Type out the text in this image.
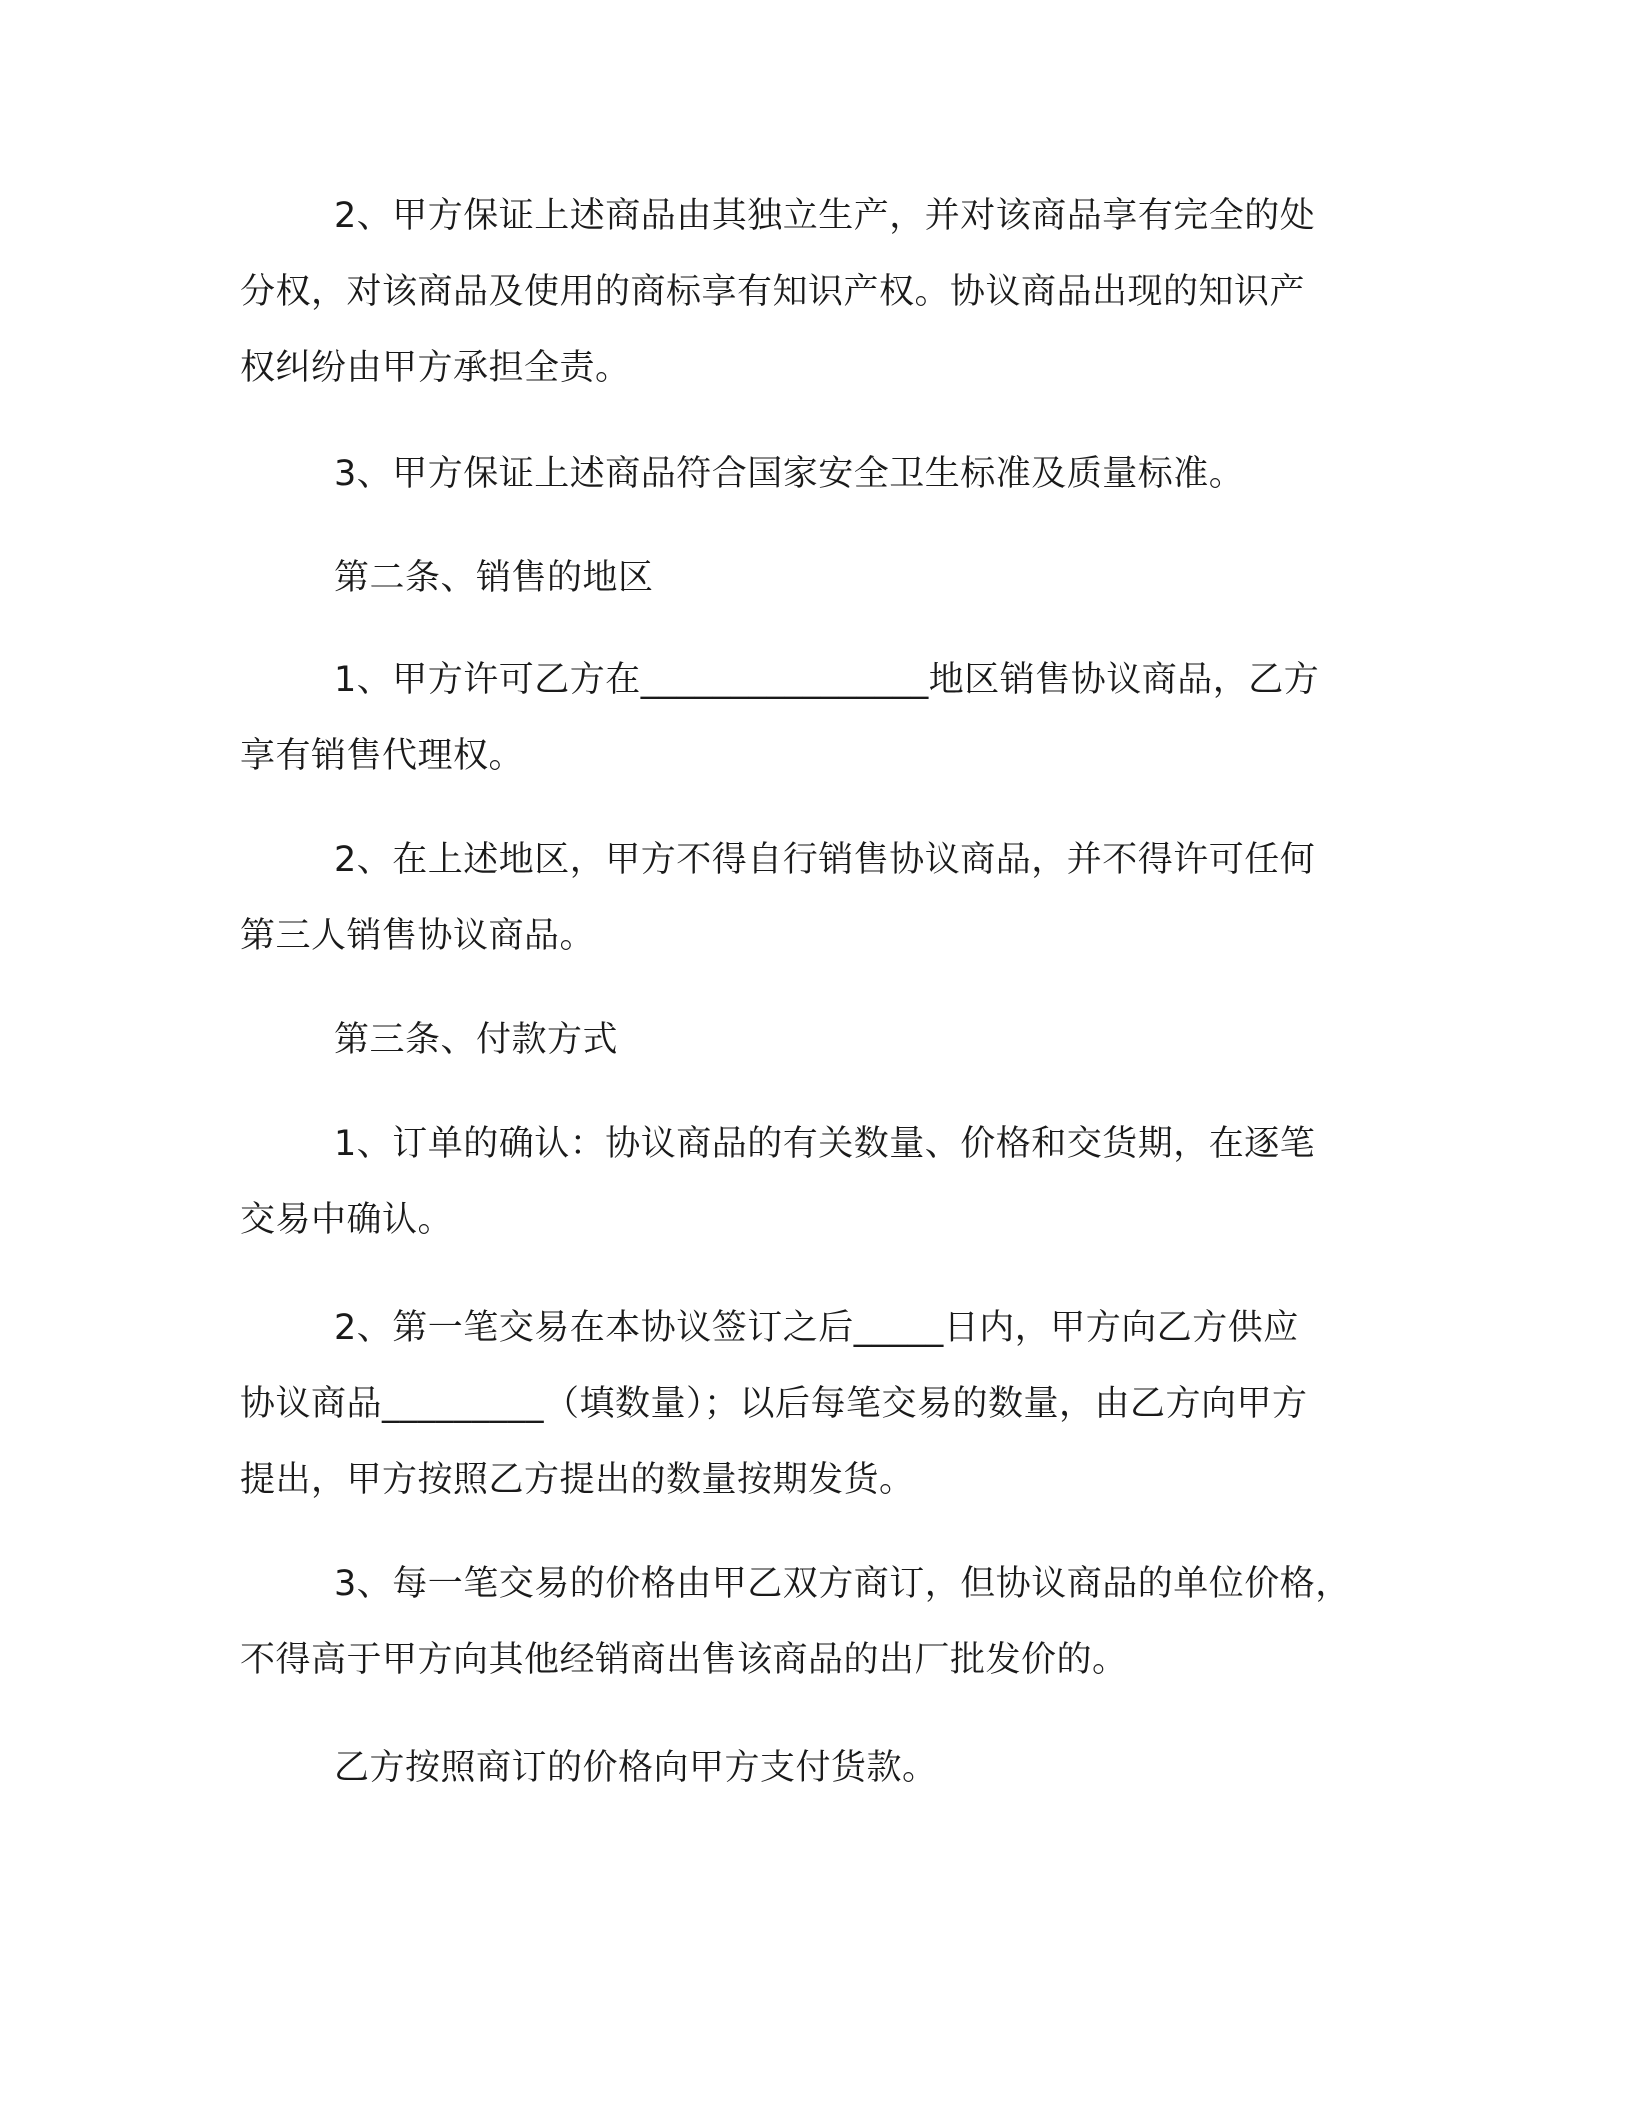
2、甲方保证上述商品由其独立生产，并对该商品享有完全的处
分权，对该商品及使用的商标享有知识产权。协议商品出现的知识产
权纠纷由甲方承担全责。

3、甲方保证上述商品符合国家安全卫生标准及质量标准。

第二条、销售的地区

1、甲方许可乙方在________________地区销售协议商品，乙方
享有销售代理权。

2、在上述地区，甲方不得自行销售协议商品，并不得许可任何
第三人销售协议商品。

第三条、付款方式

1、订单的确认：协议商品的有关数量、价格和交货期，在逐笔
交易中确认。

2、第一笔交易在本协议签订之后_____日内，甲方向乙方供应
协议商品_________（填数量）；以后每笔交易的数量，由乙方向甲方
提出，甲方按照乙方提出的数量按期发货。

3、每一笔交易的价格由甲乙双方商订，但协议商品的单位价格，
不得高于甲方向其他经销商出售该商品的出厂批发价的。

乙方按照商订的价格向甲方支付货款。
